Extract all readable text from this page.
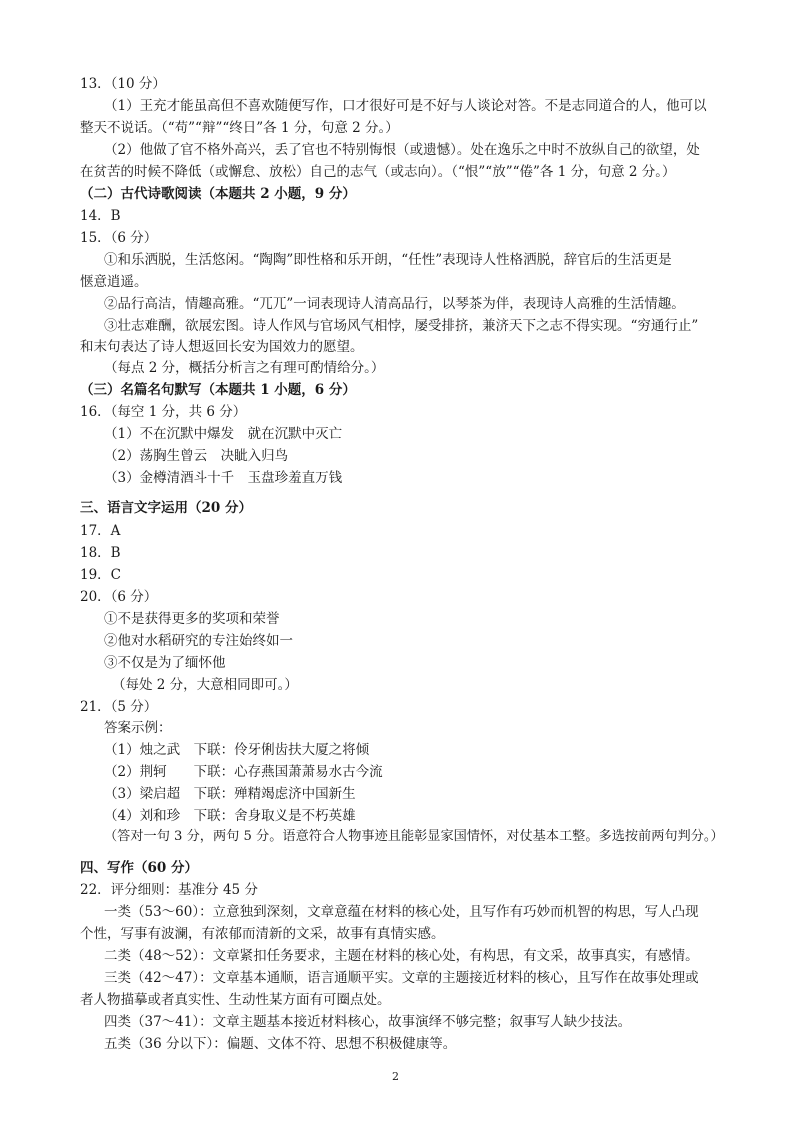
13．（10 分）
（1）王充才能虽高但不喜欢随便写作，口才很好可是不好与人谈论对答。不是志同道合的人，他可以
整天不说话。（“苟”“辩”“终日”各 1 分，句意 2 分。）
（2）他做了官不格外高兴，丢了官也不特别悔恨（或遗憾）。处在逸乐之中时不放纵自己的欲望，处
在贫苦的时候不降低（或懈怠、放松）自己的志气（或志向）。（“恨”“放”“倦”各 1 分，句意 2 分。）
（二）古代诗歌阅读（本题共 2 小题，9 分）
14．B
15．（6 分）
①和乐洒脱，生活悠闲。“陶陶”即性格和乐开朗，“任性”表现诗人性格洒脱，辞官后的生活更是
惬意逍遥。
②品行高洁，情趣高雅。“兀兀”一词表现诗人清高品行，以琴茶为伴，表现诗人高雅的生活情趣。
③壮志难酬，欲展宏图。诗人作风与官场风气相悖，屡受排挤，兼济天下之志不得实现。“穷通行止”
和末句表达了诗人想返回长安为国效力的愿望。
（每点 2 分，概括分析言之有理可酌情给分。）
（三）名篇名句默写（本题共 1 小题，6 分）
16．（每空 1 分，共 6 分）
（1）不在沉默中爆发　就在沉默中灭亡
（2）荡胸生曾云　决眦入归鸟
（3）金樽清酒斗十千　玉盘珍羞直万钱
三、语言文字运用（20 分）
17．A
18．B
19．C
20．（6 分）
①不是获得更多的奖项和荣誉
②他对水稻研究的专注始终如一
③不仅是为了缅怀他
（每处 2 分，大意相同即可。）
21．（5 分）
答案示例：
（1）烛之武　下联：伶牙俐齿扶大厦之将倾
（2）荆轲　　下联：心存燕国萧萧易水古今流
（3）梁启超　下联：殚精竭虑济中国新生
（4）刘和珍　下联：舍身取义是不朽英雄
（答对一句 3 分，两句 5 分。语意符合人物事迹且能彰显家国情怀，对仗基本工整。多选按前两句判分。）
四、写作（60 分）
22．评分细则：基准分 45 分
一类（53～60）：立意独到深刻，文章意蕴在材料的核心处，且写作有巧妙而机智的构思，写人凸现
个性，写事有波澜，有浓郁而清新的文采，故事有真情实感。
二类（48～52）：文章紧扣任务要求，主题在材料的核心处，有构思，有文采，故事真实，有感情。
三类（42～47）：文章基本通顺，语言通顺平实。文章的主题接近材料的核心，且写作在故事处理或
者人物描摹或者真实性、生动性某方面有可圈点处。
四类（37～41）：文章主题基本接近材料核心，故事演绎不够完整；叙事写人缺少技法。
五类（36 分以下）：偏题、文体不符、思想不积极健康等。
2
